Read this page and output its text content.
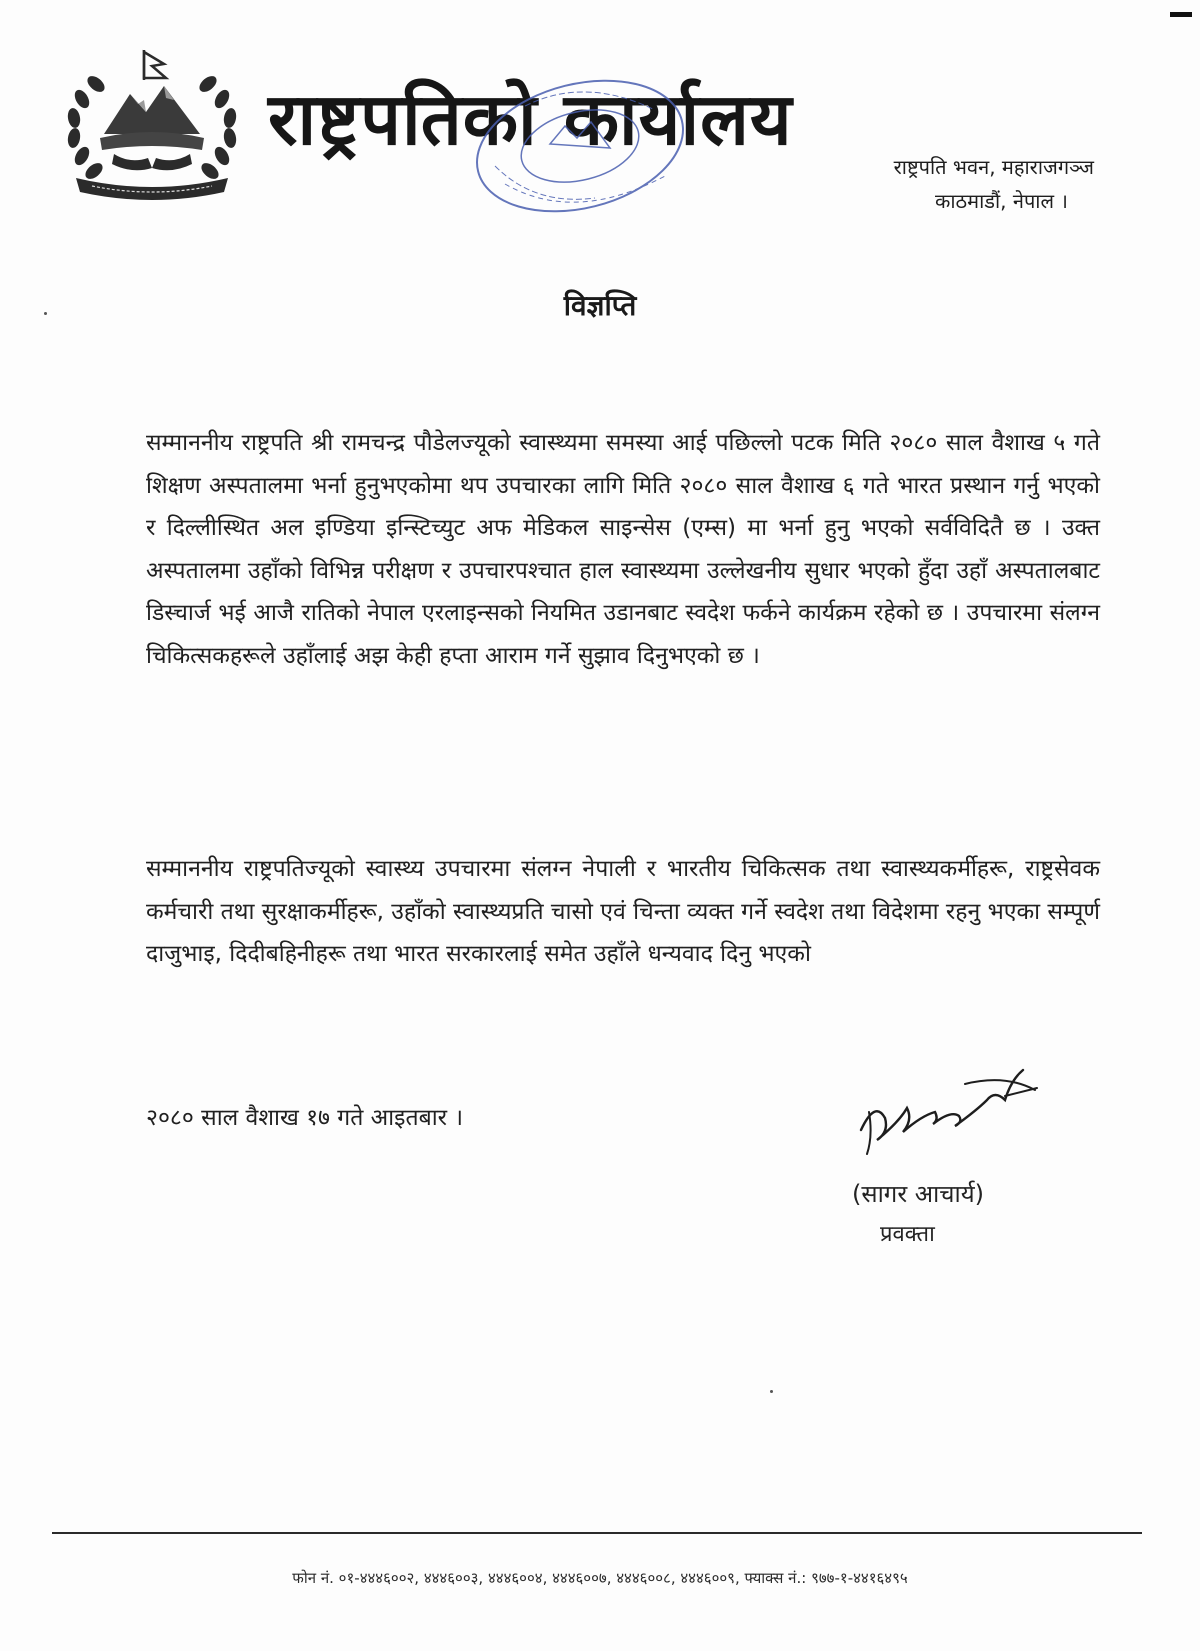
राष्ट्रपतिको कार्यालय
राष्ट्रपति भवन, महाराजगञ्ज
काठमाडौं, नेपाल ।
विज्ञप्ति
सम्माननीय राष्ट्रपति श्री रामचन्द्र पौडेलज्यूको स्वास्थ्यमा समस्या आई पछिल्लो पटक मिति २०८० साल वैशाख ५ गते शिक्षण अस्पतालमा भर्ना हुनुभएकोमा थप उपचारका लागि मिति २०८० साल वैशाख ६ गते भारत प्रस्थान गर्नु भएको र दिल्लीस्थित अल इण्डिया इन्स्टिच्युट अफ मेडिकल साइन्सेस (एम्स) मा भर्ना हुनु भएको सर्वविदितै छ । उक्त अस्पतालमा उहाँको विभिन्न परीक्षण र उपचारपश्चात हाल स्वास्थ्यमा उल्लेखनीय सुधार भएको हुँदा उहाँ अस्पतालबाट डिस्चार्ज भई आजै रातिको नेपाल एरलाइन्सको नियमित उडानबाट स्वदेश फर्कने कार्यक्रम रहेको छ । उपचारमा संलग्न चिकित्सकहरूले उहाँलाई अझ केही हप्ता आराम गर्ने सुझाव दिनुभएको छ ।
सम्माननीय राष्ट्रपतिज्यूको स्वास्थ्य उपचारमा संलग्न नेपाली र भारतीय चिकित्सक तथा स्वास्थ्यकर्मीहरू, राष्ट्रसेवक कर्मचारी तथा सुरक्षाकर्मीहरू, उहाँको स्वास्थ्यप्रति चासो एवं चिन्ता व्यक्त गर्ने स्वदेश तथा विदेशमा रहनु भएका सम्पूर्ण दाजुभाइ, दिदीबहिनीहरू तथा भारत सरकारलाई समेत उहाँले धन्यवाद दिनु भएको
२०८० साल वैशाख १७ गते आइतबार ।
(सागर आचार्य)
प्रवक्ता
फोन नं. ०१-४४४६००२, ४४४६००३, ४४४६००४, ४४४६००७, ४४४६००८, ४४४६००९, फ्याक्स नं.: ९७७-१-४४१६४९५
